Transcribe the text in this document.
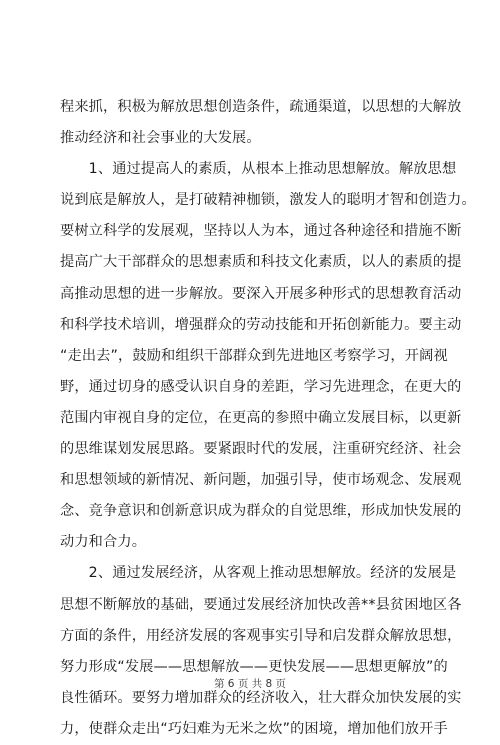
程来抓，积极为解放思想创造条件，疏通渠道，以思想的大解放
推动经济和社会事业的大发展。
　　1、通过提高人的素质，从根本上推动思想解放。解放思想
说到底是解放人，是打破精神枷锁，激发人的聪明才智和创造力。
要树立科学的发展观，坚持以人为本，通过各种途径和措施不断
提高广大干部群众的思想素质和科技文化素质，以人的素质的提
高推动思想的进一步解放。要深入开展多种形式的思想教育活动
和科学技术培训，增强群众的劳动技能和开拓创新能力。要主动
“走出去”，鼓励和组织干部群众到先进地区考察学习，开阔视
野，通过切身的感受认识自身的差距，学习先进理念，在更大的
范围内审视自身的定位，在更高的参照中确立发展目标，以更新
的思维谋划发展思路。要紧跟时代的发展，注重研究经济、社会
和思想领域的新情况、新问题，加强引导，使市场观念、发展观
念、竞争意识和创新意识成为群众的自觉思维，形成加快发展的
动力和合力。
　　2、通过发展经济，从客观上推动思想解放。经济的发展是
思想不断解放的基础，要通过发展经济加快改善**县贫困地区各
方面的条件，用经济发展的客观事实引导和启发群众解放思想，
努力形成“发展——思想解放——更快发展——思想更解放”的
良性循环。要努力增加群众的经济收入，壮大群众加快发展的实
力，使群众走出“巧妇难为无米之炊”的困境，增加他们放开手
第 6 页 共 8 页
